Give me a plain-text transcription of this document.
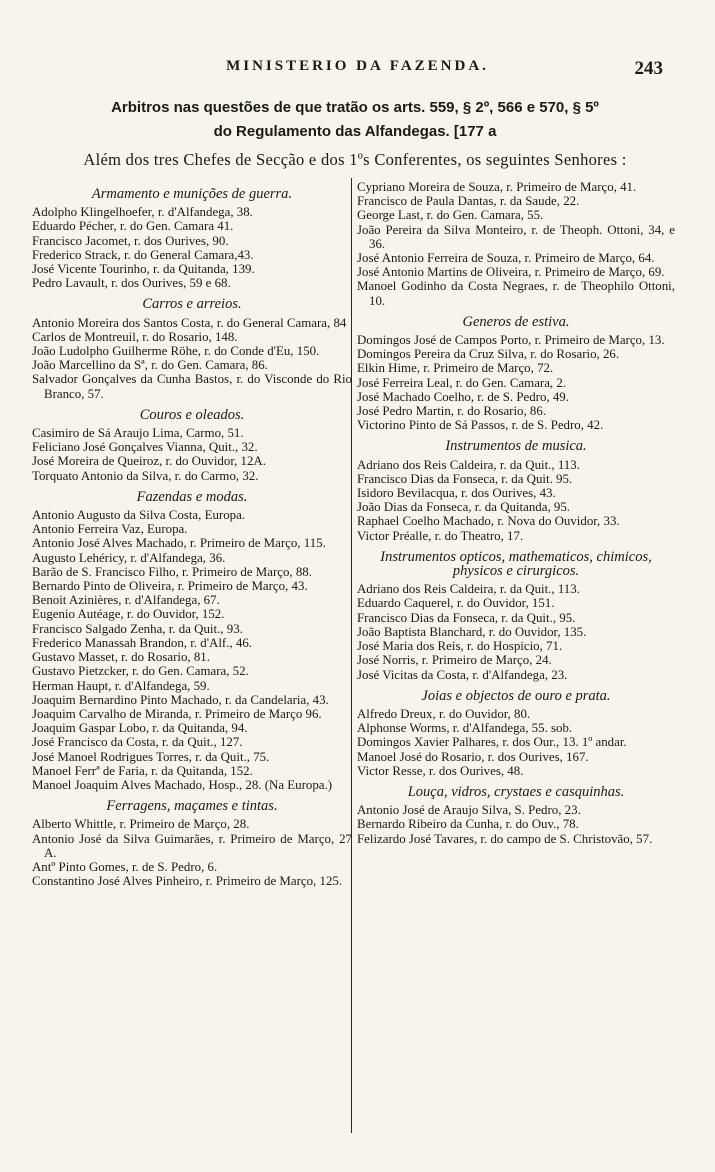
MINISTERIO DA FAZENDA.	243
Arbitros nas questões de que tratão os arts. 559, § 2º, 566 e 570, § 5º
do Regulamento das Alfandegas. [177 a
Além dos tres Chefes de Secção e dos 1ºs Conferentes, os seguintes Senhores :
Armamento e munições de guerra.
Adolpho Klingelhoefer, r. d'Alfandega, 38.
Eduardo Pécher, r. do Gen. Camara 41.
Francisco Jacomet, r. dos Ourives, 90.
Frederico Strack, r. do General Camara,43.
José Vicente Tourinho, r. da Quitanda, 139.
Pedro Lavault, r. dos Ourives, 59 e 68.
Carros e arreios.
Antonio Moreira dos Santos Costa, r. do General Camara, 84
Carlos de Montreuil, r. do Rosario, 148.
João Ludolpho Guilherme Röhe, r. do Conde d'Eu, 150.
João Marcellino da Sª, r. do Gen. Camara, 86.
Salvador Gonçalves da Cunha Bastos, r. do Visconde do Rio Branco, 57.
Couros e oleados.
Casimiro de Sá Araujo Lima, Carmo, 51.
Feliciano José Gonçalves Vianna, Quit., 32.
José Moreira de Queiroz, r. do Ouvidor, 12A.
Torquato Antonio da Silva, r. do Carmo, 32.
Fazendas e modas.
Antonio Augusto da Silva Costa, Europa.
Antonio Ferreira Vaz, Europa.
Antonio José Alves Machado, r. Primeiro de Março, 115.
Augusto Lehéricy, r. d'Alfandega, 36.
Barão de S. Francisco Filho, r. Primeiro de Março, 88.
Bernardo Pinto de Oliveira, r. Primeiro de Março, 43.
Benoit Azinières, r. d'Alfandega, 67.
Eugenio Autéage, r. do Ouvidor, 152.
Francisco Salgado Zenha, r. da Quit., 93.
Frederico Manassah Brandon, r. d'Alf., 46.
Gustavo Masset, r. do Rosario, 81.
Gustavo Pietzcker, r. do Gen. Camara, 52.
Herman Haupt, r. d'Alfandega, 59.
Joaquim Bernardino Pinto Machado, r. da Candelaria, 43.
Joaquim Carvalho de Miranda, r. Primeiro de Março 96.
Joaquim Gaspar Lobo, r. da Quitanda, 94.
José Francisco da Costa, r. da Quit., 127.
José Manoel Rodrigues Torres, r. da Quit., 75.
Manoel Ferrª de Faria, r. da Quitanda, 152.
Manoel Joaquim Alves Machado, Hosp., 28. (Na Europa.)
Ferragens, maçames e tintas.
Alberto Whittle, r. Primeiro de Março, 28.
Antonio José da Silva Guimarães, r. Primeiro de Março, 27 A.
Antº Pinto Gomes, r. de S. Pedro, 6.
Constantino José Alves Pinheiro, r. Primeiro de Março, 125.
Cypriano Moreira de Souza, r. Primeiro de Março, 41.
Francisco de Paula Dantas, r. da Saude, 22.
George Last, r. do Gen. Camara, 55.
João Pereira da Silva Monteiro, r. de Theoph. Ottoni, 34, e 36.
José Antonio Ferreira de Souza, r. Primeiro de Março, 64.
José Antonio Martins de Oliveira, r. Primeiro de Março, 69.
Manoel Godinho da Costa Negraes, r. de Theophilo Ottoni, 10.
Generos de estiva.
Domingos José de Campos Porto, r. Primeiro de Março, 13.
Domingos Pereira da Cruz Silva, r. do Rosario, 26.
Elkin Hime, r. Primeiro de Março, 72.
José Ferreira Leal, r. do Gen. Camara, 2.
José Machado Coelho, r. de S. Pedro, 49.
José Pedro Martin, r. do Rosario, 86.
Victorino Pinto de Sá Passos, r. de S. Pedro, 42.
Instrumentos de musica.
Adriano dos Reis Caldeira, r. da Quit., 113.
Francisco Dias da Fonseca, r. da Quit. 95.
Isidoro Bevilacqua, r. dos Ourives, 43.
João Dias da Fonseca, r. da Quitanda, 95.
Raphael Coelho Machado, r. Nova do Ouvidor, 33.
Victor Préalle, r. do Theatro, 17.
Instrumentos opticos, mathematicos, chimicos, physicos e cirurgicos.
Adriano dos Reis Caldeira, r. da Quit., 113.
Eduardo Caquerel, r. do Ouvidor, 151.
Francisco Dias da Fonseca, r. da Quit., 95.
João Baptista Blanchard, r. do Ouvidor, 135.
José Maria dos Reis, r. do Hospicio, 71.
José Norris, r. Primeiro de Março, 24.
José Vicitas da Costa, r. d'Alfandega, 23.
Joias e objectos de ouro e prata.
Alfredo Dreux, r. do Ouvidor, 80.
Alphonse Worms, r. d'Alfandega, 55. sob.
Domingos Xavier Palhares, r. dos Our., 13. 1º andar.
Manoel José do Rosario, r. dos Ourives, 167.
Victor Resse, r. dos Ourives, 48.
Louça, vidros, crystaes e casquinhas.
Antonio José de Araujo Silva, S. Pedro, 23.
Bernardo Ribeiro da Cunha, r. do Ouv., 78.
Felizardo José Tavares, r. do campo de S. Christovão, 57.
